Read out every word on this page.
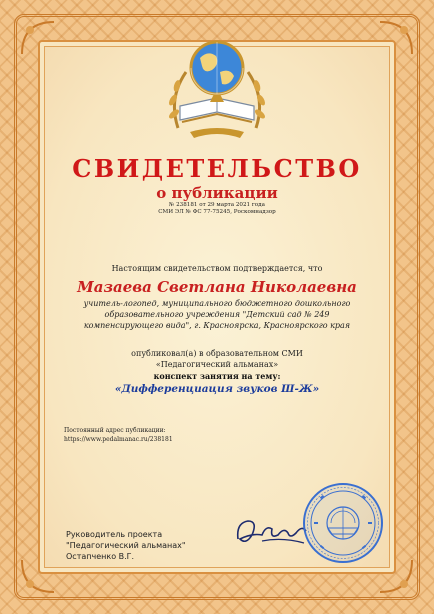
СВИДЕТЕЛЬСТВО
о публикации
№ 238181 от 29 марта 2021 года
СМИ ЭЛ № ФС 77-75245, Роскомнадзор
Настоящим свидетельством подтверждается, что
Мазаева Светлана Николаевна
учитель-логопед, муниципального бюджетного дошкольного образовательного учреждения "Детский сад № 249 компенсирующего вида", г. Красноярска, Красноярского края
опубликовал(а) в образовательном СМИ
«Педагогический альманах»
конспект занятия на тему:
«Дифференциация звуков Ш-Ж»
Постоянный адрес публикации:
https://www.pedalmanac.ru/238181
Руководитель проекта
"Педагогический альманах"
Остапченко В.Г.
